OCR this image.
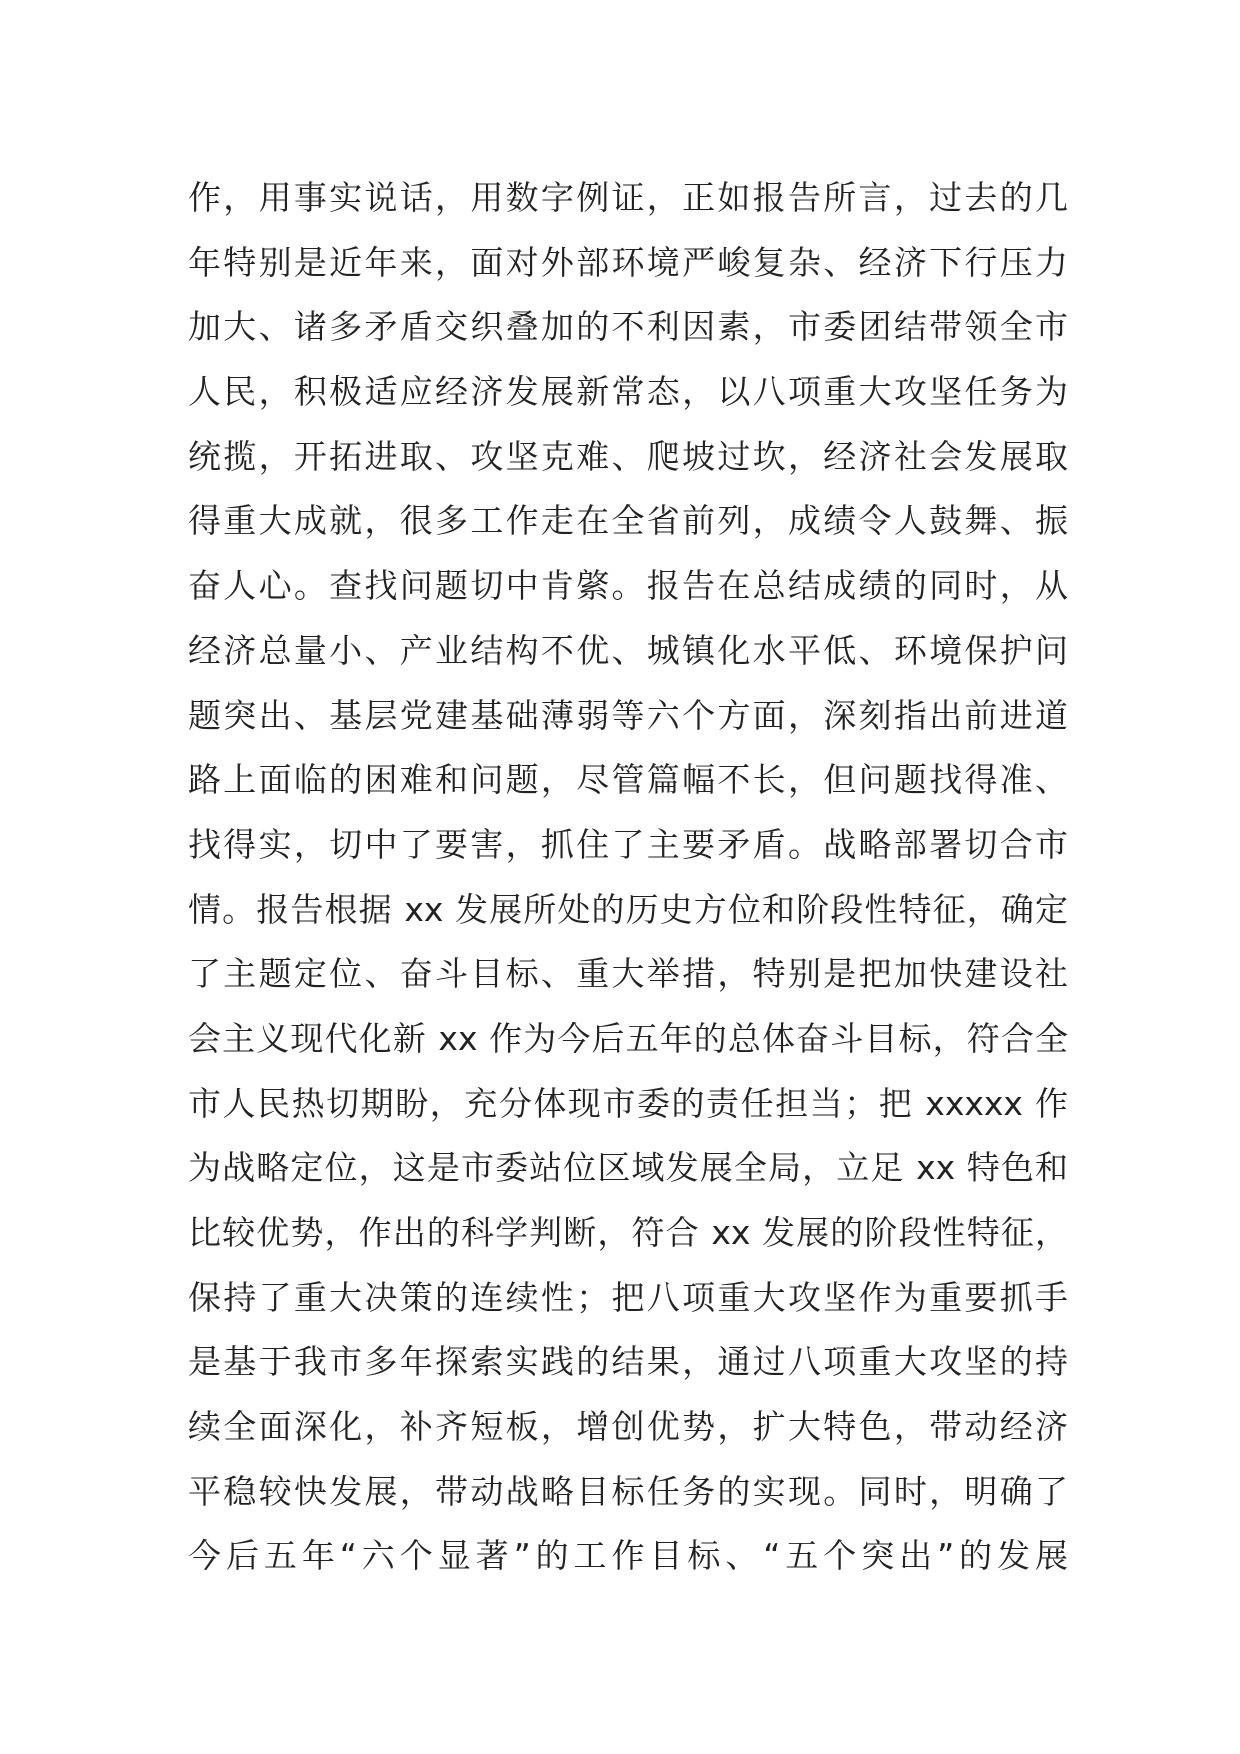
作，用事实说话，用数字例证，正如报告所言，过去的几
年特别是近年来，面对外部环境严峻复杂、经济下行压力
加大、诸多矛盾交织叠加的不利因素，市委团结带领全市
人民，积极适应经济发展新常态，以八项重大攻坚任务为
统揽，开拓进取、攻坚克难、爬坡过坎，经济社会发展取
得重大成就，很多工作走在全省前列，成绩令人鼓舞、振
奋人心。查找问题切中肯綮。报告在总结成绩的同时，从
经济总量小、产业结构不优、城镇化水平低、环境保护问
题突出、基层党建基础薄弱等六个方面，深刻指出前进道
路上面临的困难和问题，尽管篇幅不长，但问题找得准、
找得实，切中了要害，抓住了主要矛盾。战略部署切合市
情。报告根据 xx 发展所处的历史方位和阶段性特征，确定
了主题定位、奋斗目标、重大举措，特别是把加快建设社
会主义现代化新 xx 作为今后五年的总体奋斗目标，符合全
市人民热切期盼，充分体现市委的责任担当；把 xxxxx 作
为战略定位，这是市委站位区域发展全局，立足 xx 特色和
比较优势，作出的科学判断，符合 xx 发展的阶段性特征，
保持了重大决策的连续性；把八项重大攻坚作为重要抓手
是基于我市多年探索实践的结果，通过八项重大攻坚的持
续全面深化，补齐短板，增创优势，扩大特色，带动经济
平稳较快发展，带动战略目标任务的实现。同时，明确了
今后五年“六个显著”的工作目标、“五个突出”的发展
